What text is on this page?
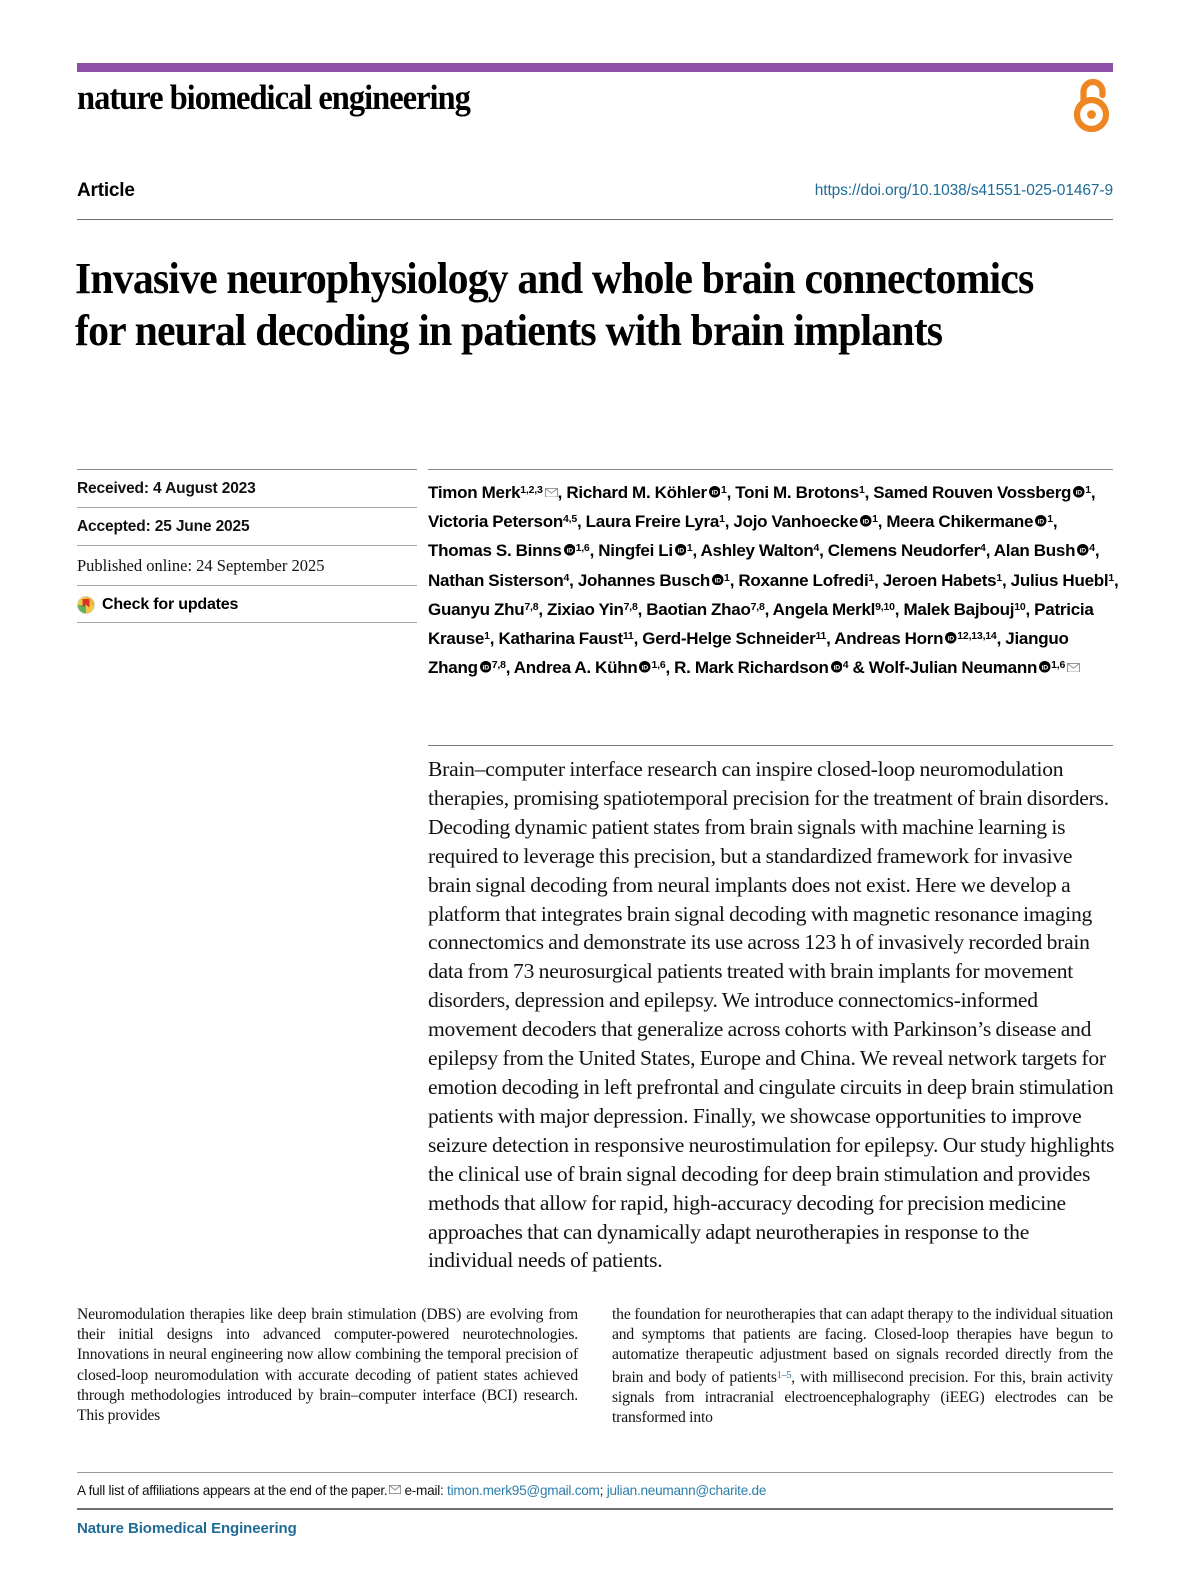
nature biomedical engineering
Article	https://doi.org/10.1038/s41551-025-01467-9
Invasive neurophysiology and whole brain connectomics for neural decoding in patients with brain implants
Received: 4 August 2023
Accepted: 25 June 2025
Published online: 24 September 2025
Check for updates
Timon Merk$^{1,2,3}$ , Richard M. Köhler iD $^1$, Toni M. Brotons$^1$, Samed Rouven Vossberg iD $^1$, Victoria Peterson$^{4,5}$, Laura Freire Lyra$^1$, Jojo Vanhoecke iD $^1$, Meera Chikermane iD $^1$, Thomas S. Binns iD $^{1,6}$, Ningfei Li iD $^1$, Ashley Walton$^4$, Clemens Neudorfer$^4$, Alan Bush iD $^4$, Nathan Sisterson$^4$, Johannes Busch iD $^1$, Roxanne Lofredi$^1$, Jeroen Habets$^1$, Julius Huebl$^1$, Guanyu Zhu$^{7,8}$, Zixiao Yin$^{7,8}$, Baotian Zhao$^{7,8}$, Angela Merkl$^{9,10}$, Malek Bajbouj$^{10}$, Patricia Krause$^1$, Katharina Faust$^{11}$, Gerd-Helge Schneider$^{11}$, Andreas Horn iD $^{12,13,14}$, Jianguo Zhang iD $^{7,8}$, Andrea A. Kühn iD $^{1,6}$, R. Mark Richardson iD $^4$ & Wolf-Julian Neumann iD $^{1,6}$
Brain–computer interface research can inspire closed-loop neuromodulation therapies, promising spatiotemporal precision for the treatment of brain disorders. Decoding dynamic patient states from brain signals with machine learning is required to leverage this precision, but a standardized framework for invasive brain signal decoding from neural implants does not exist. Here we develop a platform that integrates brain signal decoding with magnetic resonance imaging connectomics and demonstrate its use across 123 h of invasively recorded brain data from 73 neurosurgical patients treated with brain implants for movement disorders, depression and epilepsy. We introduce connectomics-informed movement decoders that generalize across cohorts with Parkinson’s disease and epilepsy from the United States, Europe and China. We reveal network targets for emotion decoding in left prefrontal and cingulate circuits in deep brain stimulation patients with major depression. Finally, we showcase opportunities to improve seizure detection in responsive neurostimulation for epilepsy. Our study highlights the clinical use of brain signal decoding for deep brain stimulation and provides methods that allow for rapid, high-accuracy decoding for precision medicine approaches that can dynamically adapt neurotherapies in response to the individual needs of patients.
Neuromodulation therapies like deep brain stimulation (DBS) are evolving from their initial designs into advanced computer-powered neurotechnologies. Innovations in neural engineering now allow combining the temporal precision of closed-loop neuromodulation with accurate decoding of patient states achieved through methodologies introduced by brain–computer interface (BCI) research. This provides
the foundation for neurotherapies that can adapt therapy to the individual situation and symptoms that patients are facing. Closed-loop therapies have begun to automatize therapeutic adjustment based on signals recorded directly from the brain and body of patients$^{1-5}$, with millisecond precision. For this, brain activity signals from intracranial electroencephalography (iEEG) electrodes can be transformed into
A full list of affiliations appears at the end of the paper. e-mail: timon.merk95@gmail.com; julian.neumann@charite.de
Nature Biomedical Engineering
